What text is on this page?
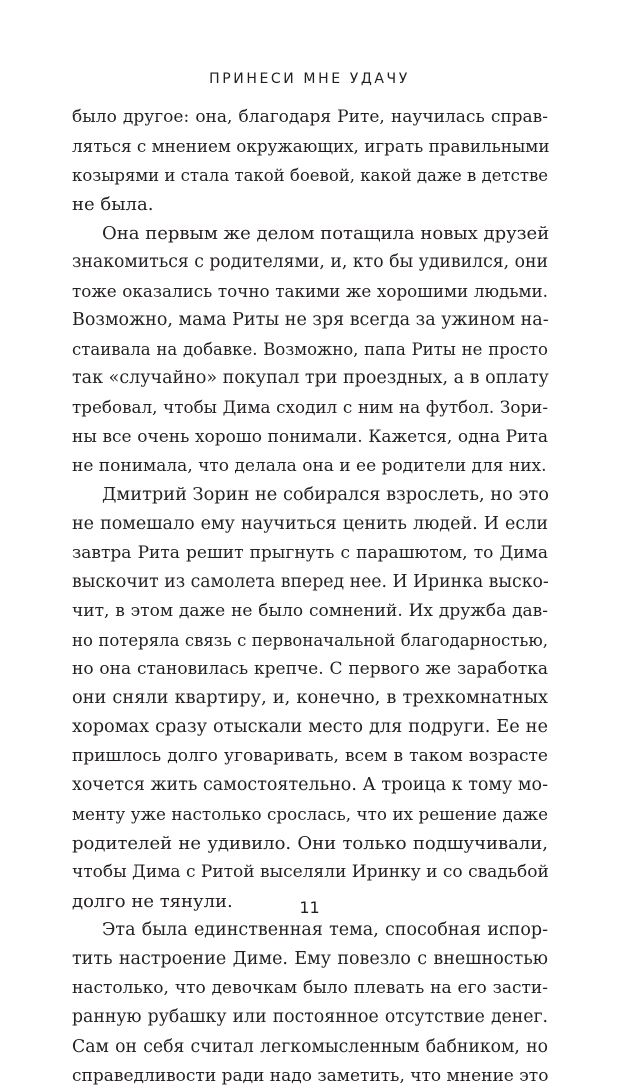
ПРИНЕСИ МНЕ УДАЧУ
было другое: она, благодаря Рите, научилась справ-
ляться с мнением окружающих, играть правильными
козырями и стала такой боевой, какой даже в детстве
не была.
Она первым же делом потащила новых друзей
знакомиться с родителями, и, кто бы удивился, они
тоже оказались точно такими же хорошими людьми.
Возможно, мама Риты не зря всегда за ужином на-
стаивала на добавке. Возможно, папа Риты не просто
так «случайно» покупал три проездных, а в оплату
требовал, чтобы Дима сходил с ним на футбол. Зори-
ны все очень хорошо понимали. Кажется, одна Рита
не понимала, что делала она и ее родители для них.
Дмитрий Зорин не собирался взрослеть, но это
не помешало ему научиться ценить людей. И если
завтра Рита решит прыгнуть с парашютом, то Дима
выскочит из самолета вперед нее. И Иринка выско-
чит, в этом даже не было сомнений. Их дружба дав-
но потеряла связь с первоначальной благодарностью,
но она становилась крепче. С первого же заработка
они сняли квартиру, и, конечно, в трехкомнатных
хоромах сразу отыскали место для подруги. Ее не
пришлось долго уговаривать, всем в таком возрасте
хочется жить самостоятельно. А троица к тому мо-
менту уже настолько срослась, что их решение даже
родителей не удивило. Они только подшучивали,
чтобы Дима с Ритой выселяли Иринку и со свадьбой
долго не тянули.
Эта была единственная тема, способная испор-
тить настроение Диме. Ему повезло с внешностью
настолько, что девочкам было плевать на его засти-
ранную рубашку или постоянное отсутствие денег.
Сам он себя считал легкомысленным бабником, но
справедливости ради надо заметить, что мнение это
11
